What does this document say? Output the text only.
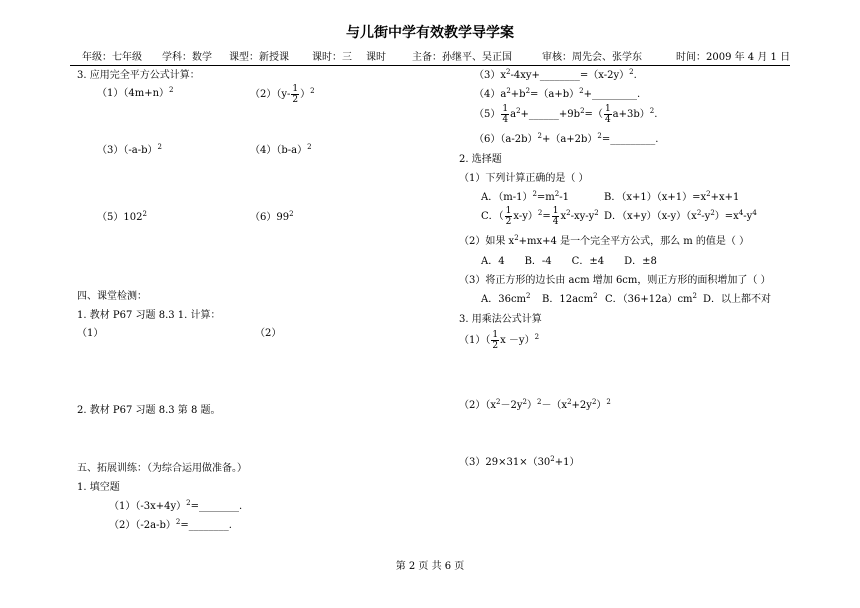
与儿街中学有效教学导学案
年级：七年级 学科：数学 课型：新授课 课时：三 课时	主备：孙继平、吴正国	审核：周先会、张学东	时间：2009 年 4 月 1 日
3. 应用完全平方公式计算：
$(1)(4m+n)^2$	$(2)(y- \frac{1}{2} )^2$
$(3)(-a-b)^2$	$(4)(b-a)^2$
$(5)102^2$	$(6)99^2$
四、课堂检测：
1. 教材 P67 习题 8.3 1. 计算：
（1）	（2）
2. 教材 P67 习题 8.3 第 8 题。
五、拓展训练：（为综合运用做准备。）
1. 填空题
$(1)(-3x+4y)^2=\_\_\_\_\_\_\_\_$.
$(2)(-2a-b)^2=\_\_\_\_\_\_\_\_$.
$(3)x^2-4xy+\_\_\_\_\_\_\_\_=(x-2y)^2$.
$(4)a^2+b^2=(a+b)^2+\_\_\_\_\_\_\_\_\_$.
$(5) \frac{1}{4}$ $a^2+\_\_\_\_\_\_+9b^2=( \frac{1}{4} a+3b)^2$.
$(6)(a-2b)^2+(a+2b)^2=\_\_\_\_\_\_\_\_\_$.
2. 选择题
（1）下列计算正确的是（ ）
A．$(m-1)^2=m^2-1$	B．$(x+1)(x+1)=x^2+x+1$
C．（ $\frac{1}{2} x-y)^2= \frac{1}{4} x^2-xy-y^2$ D．$(x+y)(x-y)(x^2-y^2)=x^4-y^4$
（2）如果 $x^2+mx+4$ 是一个完全平方公式，那么 m 的值是（ ）
A．4　　B．-4　　C．±4　　D．±8
（3）将正方形的边长由 acm 增加 6cm，则正方形的面积增加了（ ）
A．$36cm^2$ B．12acm$^2$ C．$(36+12a)cm^2$ D．以上都不对
3. 用乘法公式计算
$(1)( \frac{1}{2}$ $x -y)^2$
$(2)(x^2-2y^2)^2-(x^2+2y^2)^2$
$(3)29\times 31\times(30^2+1)$
第 2 页 共 6 页
